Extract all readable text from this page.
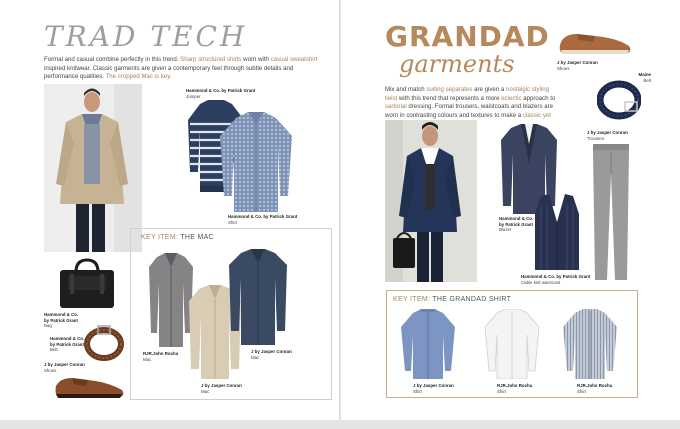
TRAD TECH

Formal and casual combine perfectly in this trend. Sharp structured shirts worn with casual sweatshirt inspired knitwear. Classic garments are given a contemporary feel through subtle details and performance qualities. The cropped Mac is key.

Hammond & Co. by Patrick Grant
Jumper
Hammond & Co. by Patrick Grant
Shirt
Hammond & Co.
by Patrick Grant
Bag
Hammond & Co.
by Patrick Grant
Belt
J by Jasper Conran
Shoes
KEY ITEM: THE MAC
RJR.John Rocha
Mac
J by Jasper Conran
Mac
J by Jasper Conran
Mac
GRANDAD
garments

Mix and match suiting separates are given a nostalgic styling twist with this trend that represents a more eclectic approach to sartorial dressing. Formal trousers, waistcoats and blazers are worn in contrasting colours and textures to make a classic yet

J by Jasper Conran
Shoes
Maine
Belt
J by Jasper Conran
Trousers
Hammond & Co.
by Patrick Grant
Blazer
Hammond & Co. by Patrick Grant
Cable knit waistcoat
KEY ITEM: THE GRANDAD SHIRT
J by Jasper Conran
Shirt
RJR.John Rocha
Shirt
RJR.John Rocha
Shirt
